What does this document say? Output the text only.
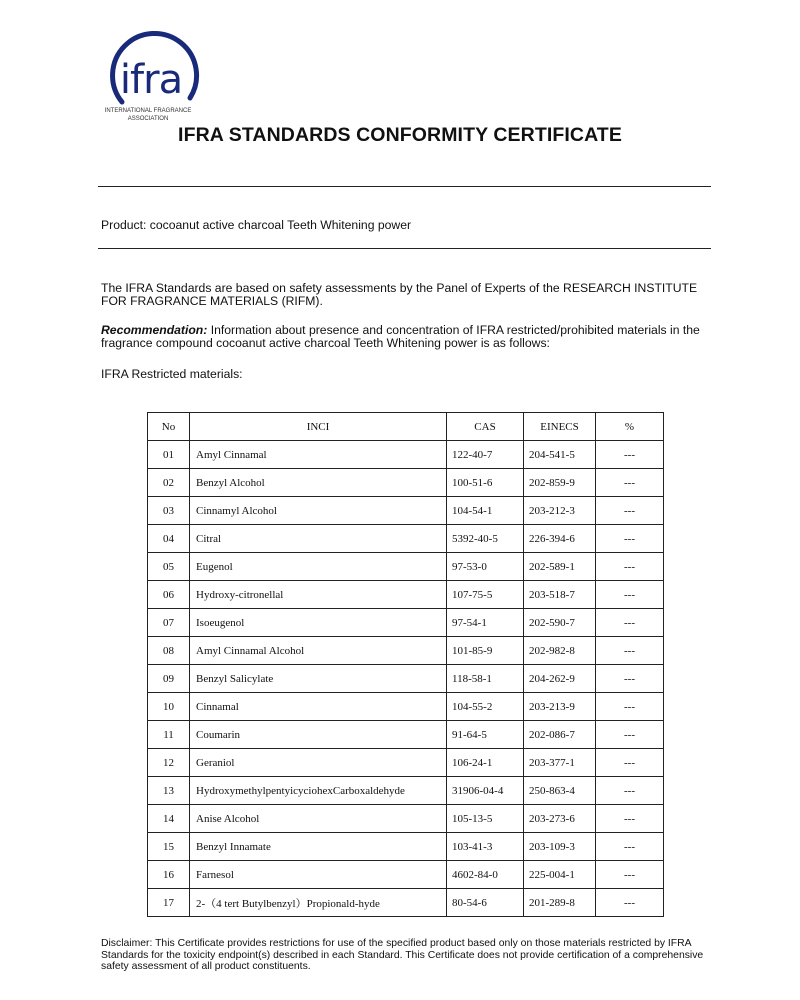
ifra
INTERNATIONAL FRAGRANCE
ASSOCIATION
IFRA STANDARDS CONFORMITY CERTIFICATE
Product: cocoanut active charcoal Teeth Whitening power
The IFRA Standards are based on safety assessments by the Panel of Experts of the RESEARCH INSTITUTE FOR FRAGRANCE MATERIALS (RIFM).
Recommendation: Information about presence and concentration of IFRA restricted/prohibited materials in the fragrance compound cocoanut active charcoal Teeth Whitening power is as follows:
IFRA Restricted materials:
No	INCI	CAS	EINECS	%
01	Amyl Cinnamal	122-40-7	204-541-5	---
02	Benzyl Alcohol	100-51-6	202-859-9	---
03	Cinnamyl Alcohol	104-54-1	203-212-3	---
04	Citral	5392-40-5	226-394-6	---
05	Eugenol	97-53-0	202-589-1	---
06	Hydroxy-citronellal	107-75-5	203-518-7	---
07	Isoeugenol	97-54-1	202-590-7	---
08	Amyl Cinnamal Alcohol	101-85-9	202-982-8	---
09	Benzyl Salicylate	118-58-1	204-262-9	---
10	Cinnamal	104-55-2	203-213-9	---
11	Coumarin	91-64-5	202-086-7	---
12	Geraniol	106-24-1	203-377-1	---
13	HydroxymethylpentyicyciohexCarboxaldehyde	31906-04-4	250-863-4	---
14	Anise Alcohol	105-13-5	203-273-6	---
15	Benzyl Innamate	103-41-3	203-109-3	---
16	Farnesol	4602-84-0	225-004-1	---
17	2-（4 tert Butylbenzyl）Propionald-hyde	80-54-6	201-289-8	---
Disclaimer: This Certificate provides restrictions for use of the specified product based only on those materials restricted by IFRA Standards for the toxicity endpoint(s) described in each Standard. This Certificate does not provide certification of a comprehensive safety assessment of all product constituents.
